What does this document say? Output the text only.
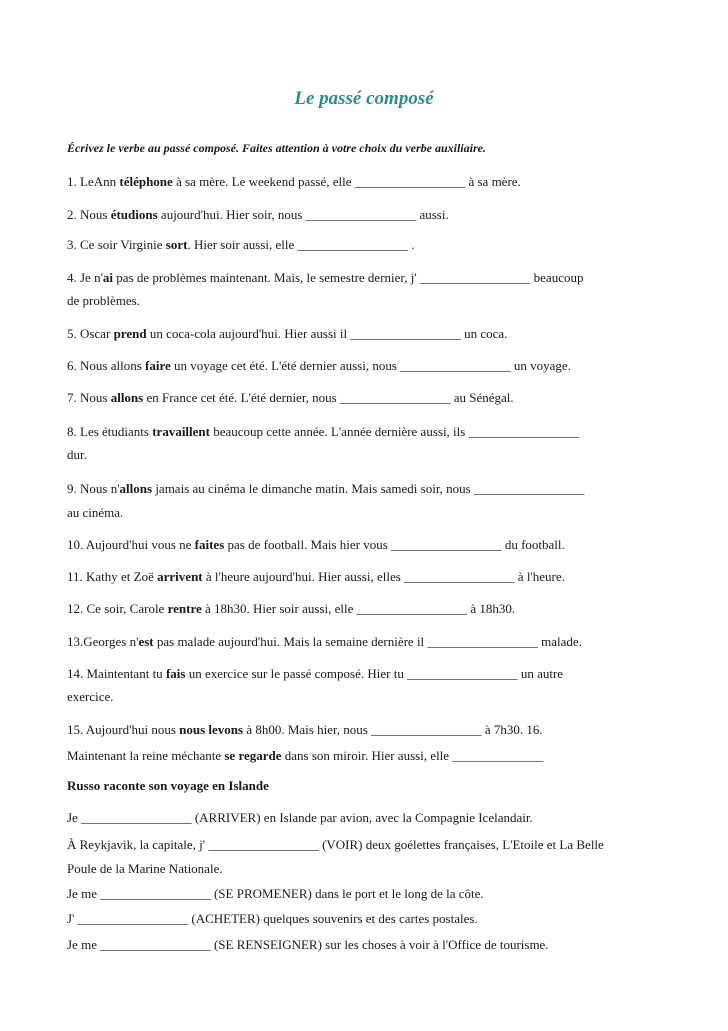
Le passé composé
Écrivez le verbe au passé composé. Faites attention à votre choix du verbe auxiliaire.
1. LeAnn téléphone à sa mère. Le weekend passé, elle _________________ à sa mère.
2. Nous étudions aujourd'hui. Hier soir, nous _________________ aussi.
3. Ce soir Virginie sort. Hier soir aussi, elle _________________ .
4. Je n'ai pas de problèmes maintenant. Mais, le semestre dernier, j' _________________ beaucoup
de problèmes.
5. Oscar prend un coca-cola aujourd'hui. Hier aussi il _________________ un coca.
6. Nous allons faire un voyage cet été. L'été dernier aussi, nous _________________ un voyage.
7. Nous allons en France cet été. L'été dernier, nous _________________ au Sénégal.
8. Les étudiants travaillent beaucoup cette année. L'année dernière aussi, ils _________________
dur.
9. Nous n'allons jamais au cinéma le dimanche matin. Mais samedi soir, nous _________________
au cinéma.
10. Aujourd'hui vous ne faites pas de football. Mais hier vous _________________ du football.
11. Kathy et Zoë arrivent à l'heure aujourd'hui. Hier aussi, elles _________________ à l'heure.
12. Ce soir, Carole rentre à 18h30. Hier soir aussi, elle _________________ à 18h30.
13.Georges n'est pas malade aujourd'hui. Mais la semaine dernière il _________________ malade.
14. Maintentant tu fais un exercice sur le passé composé. Hier tu _________________ un autre
exercice.
15. Aujourd'hui nous nous levons à 8h00. Mais hier, nous _________________ à 7h30. 16.
Maintenant la reine méchante se regarde dans son miroir. Hier aussi, elle ______________
Russo raconte son voyage en Islande
Je _________________ (ARRIVER) en Islande par avion, avec la Compagnie Icelandair.
À Reykjavik, la capitale, j' _________________ (VOIR) deux goélettes françaises, L'Etoile et La Belle
Poule de la Marine Nationale.
Je me _________________ (SE PROMENER) dans le port et le long de la côte.
J' _________________ (ACHETER) quelques souvenirs et des cartes postales.
Je me _________________ (SE RENSEIGNER) sur les choses à voir à l'Office de tourisme.
